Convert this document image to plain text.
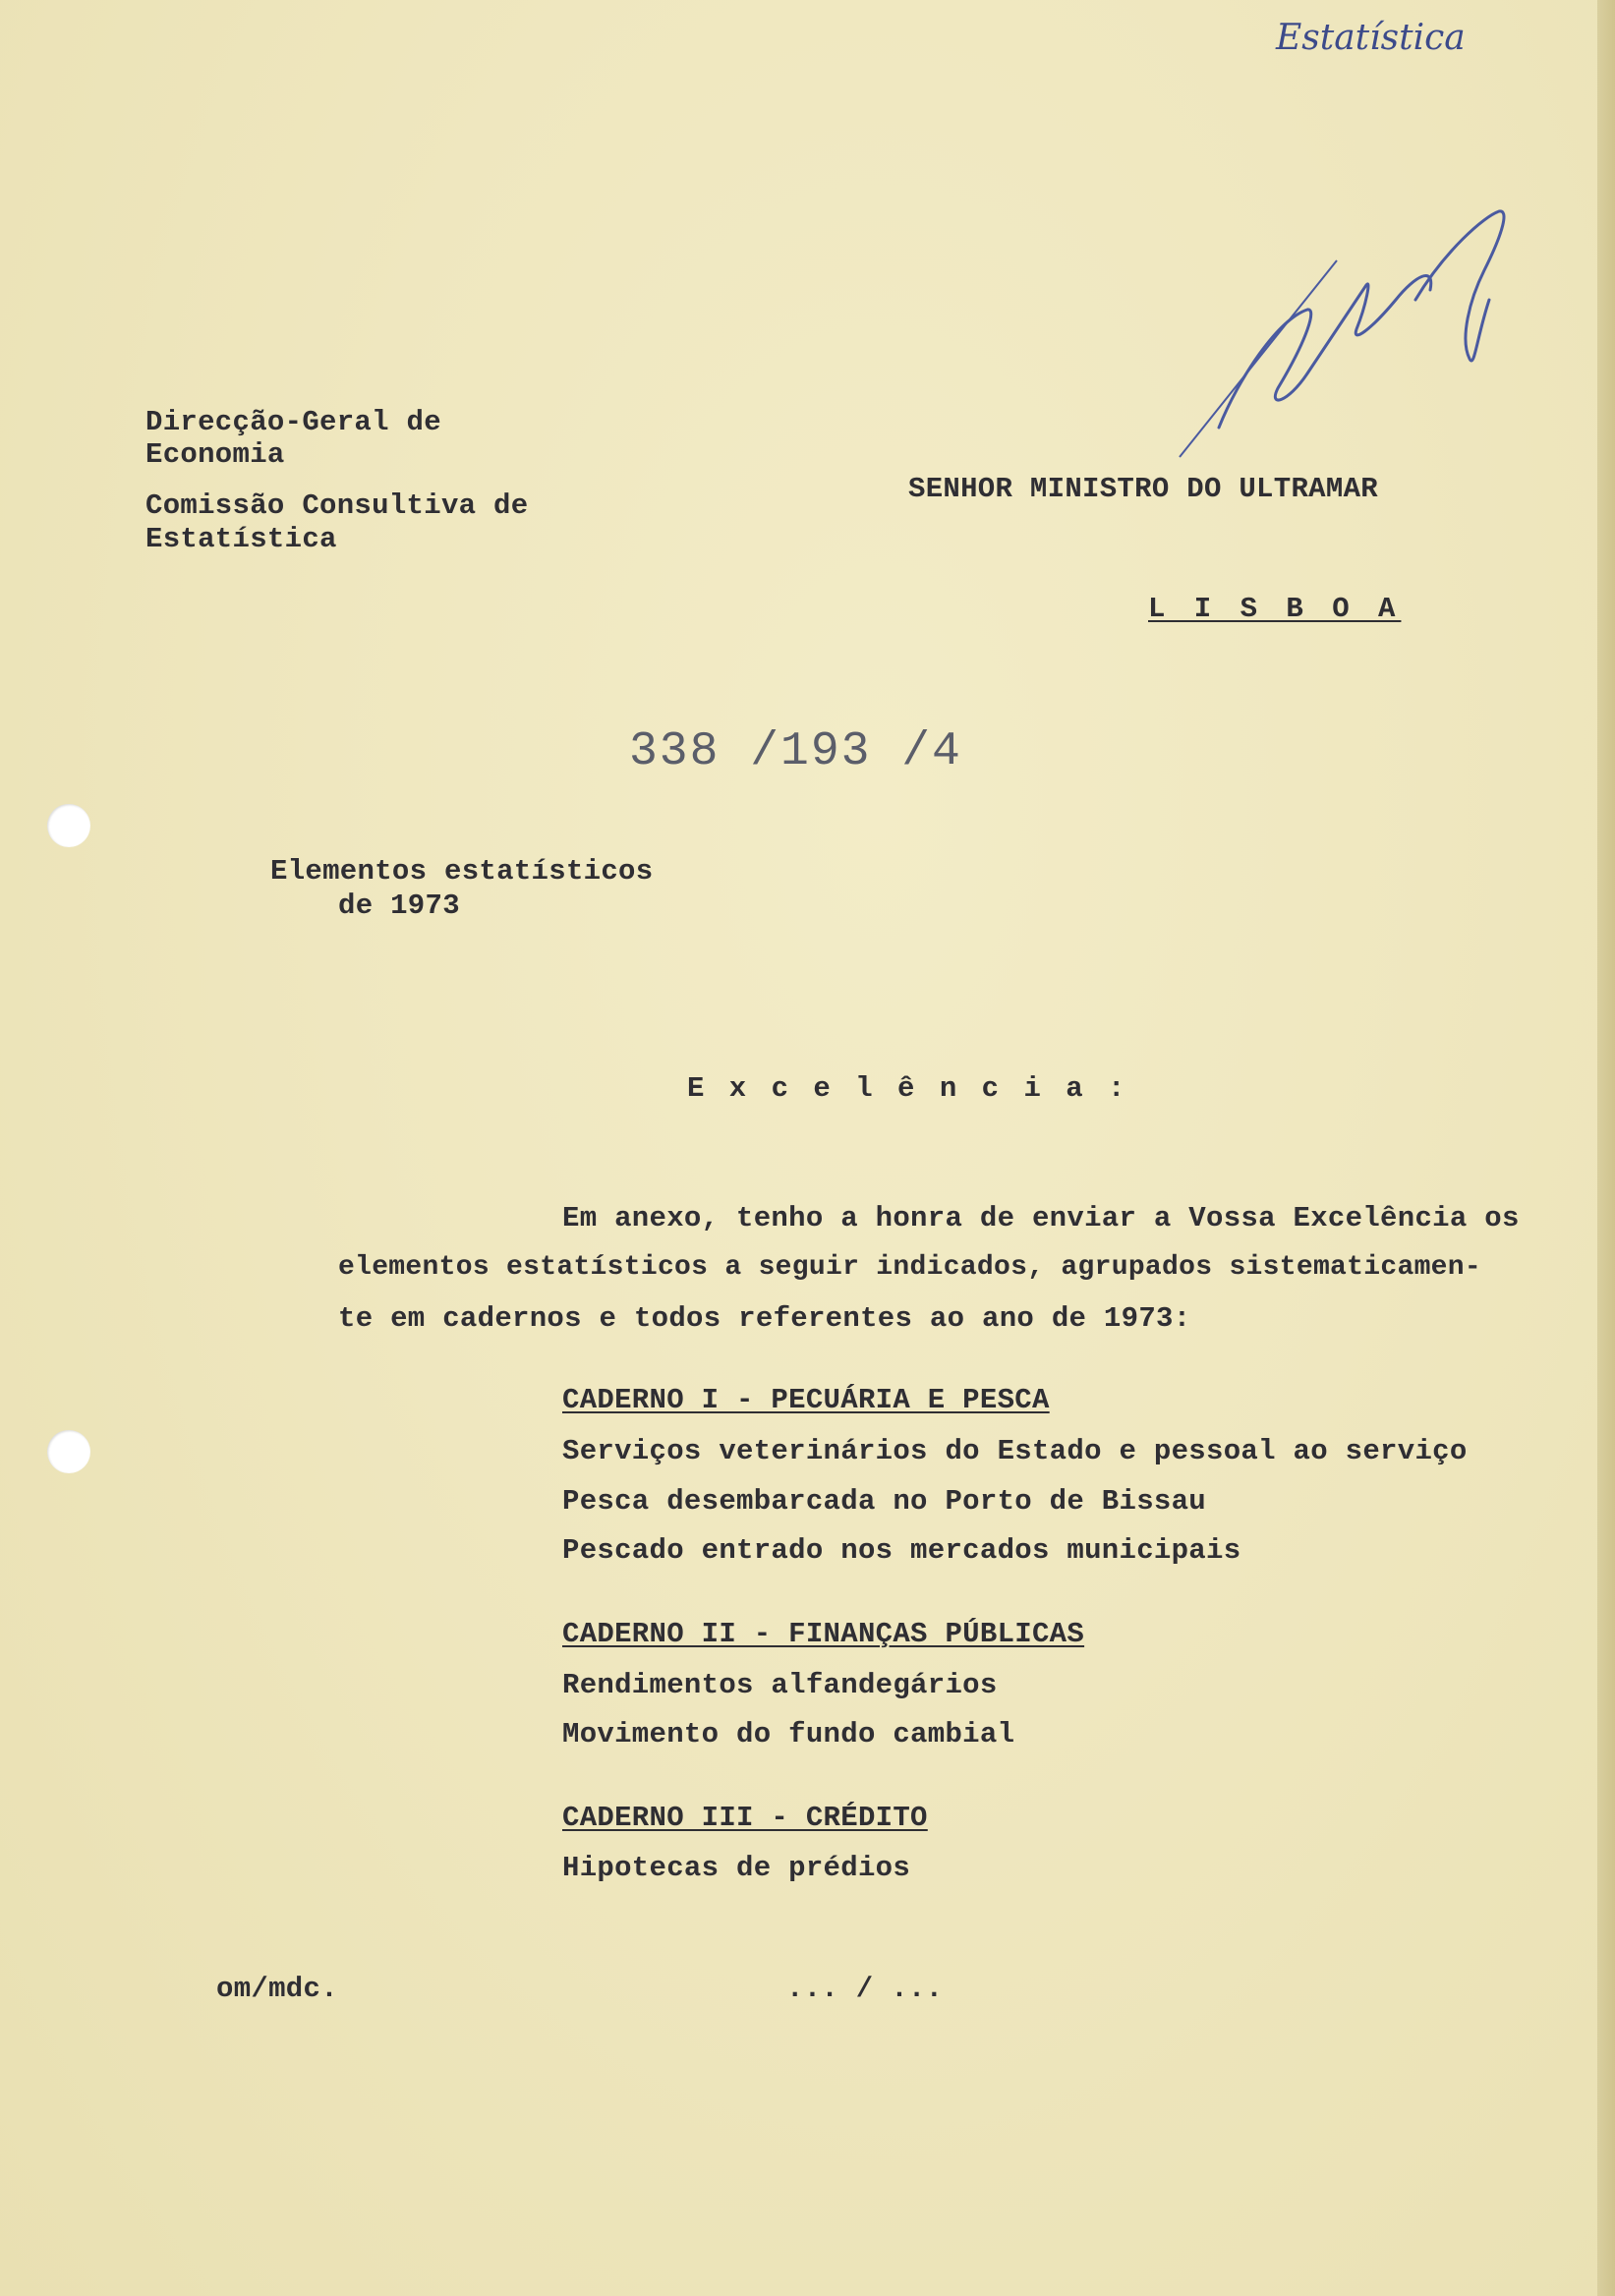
Estatística
Direcção-Geral de
Economia
Comissão Consultiva de
Estatística
SENHOR MINISTRO DO ULTRAMAR
L I S B O A
338 /193 /4
Elementos estatísticos
de 1973
E x c e l ê n c i a :
Em anexo, tenho a honra de enviar a Vossa Excelência os
elementos estatísticos a seguir indicados, agrupados sistematicamen-
te em cadernos e todos referentes ao ano de 1973:
CADERNO I - PECUÁRIA E PESCA
Serviços veterinários do Estado e pessoal ao serviço
Pesca desembarcada no Porto de Bissau
Pescado entrado nos mercados municipais
CADERNO II - FINANÇAS PÚBLICAS
Rendimentos alfandegários
Movimento do fundo cambial
CADERNO III - CRÉDITO
Hipotecas de prédios
om/mdc.	... / ...
